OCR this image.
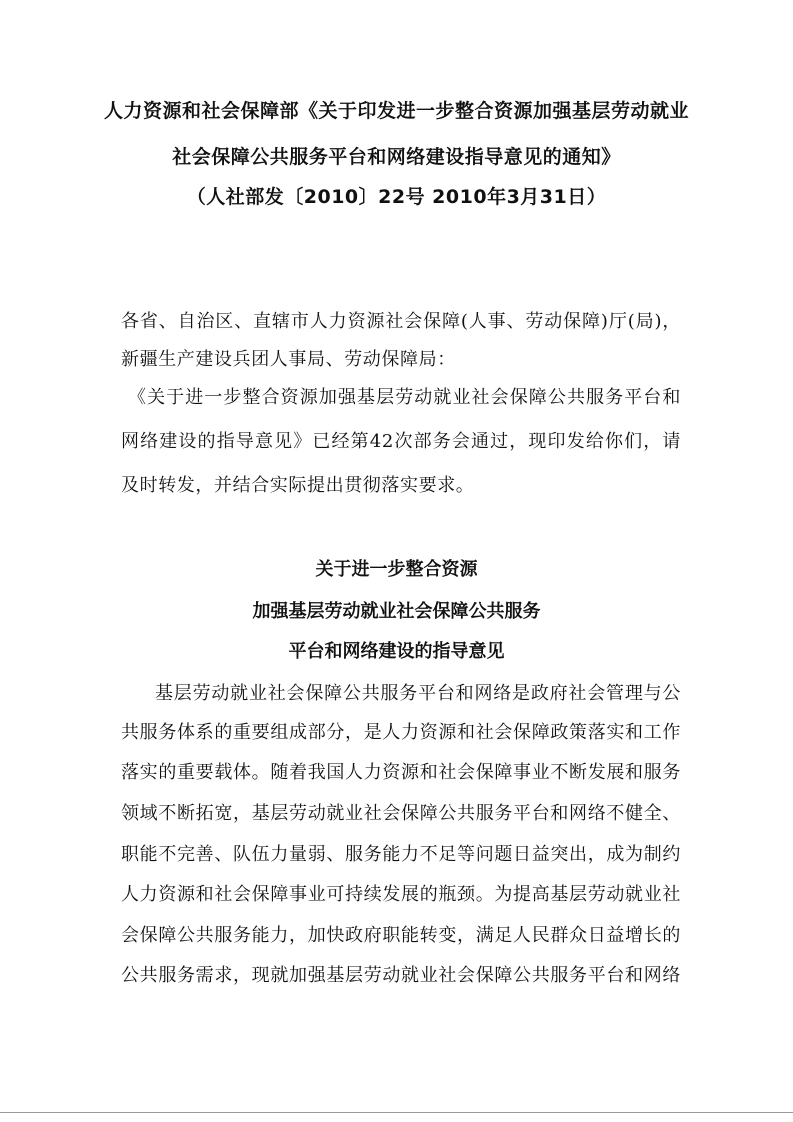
人力资源和社会保障部《关于印发进一步整合资源加强基层劳动就业
社会保障公共服务平台和网络建设指导意见的通知》
（人社部发〔2010〕22号 2010年3月31日）
各省、自治区、直辖市人力资源社会保障(人事、劳动保障)厅(局)，
新疆生产建设兵团人事局、劳动保障局：
《关于进一步整合资源加强基层劳动就业社会保障公共服务平台和
网络建设的指导意见》已经第42次部务会通过，现印发给你们，请
及时转发，并结合实际提出贯彻落实要求。
关于进一步整合资源
加强基层劳动就业社会保障公共服务
平台和网络建设的指导意见
基层劳动就业社会保障公共服务平台和网络是政府社会管理与公
共服务体系的重要组成部分，是人力资源和社会保障政策落实和工作
落实的重要载体。随着我国人力资源和社会保障事业不断发展和服务
领域不断拓宽，基层劳动就业社会保障公共服务平台和网络不健全、
职能不完善、队伍力量弱、服务能力不足等问题日益突出，成为制约
人力资源和社会保障事业可持续发展的瓶颈。为提高基层劳动就业社
会保障公共服务能力，加快政府职能转变，满足人民群众日益增长的
公共服务需求，现就加强基层劳动就业社会保障公共服务平台和网络
